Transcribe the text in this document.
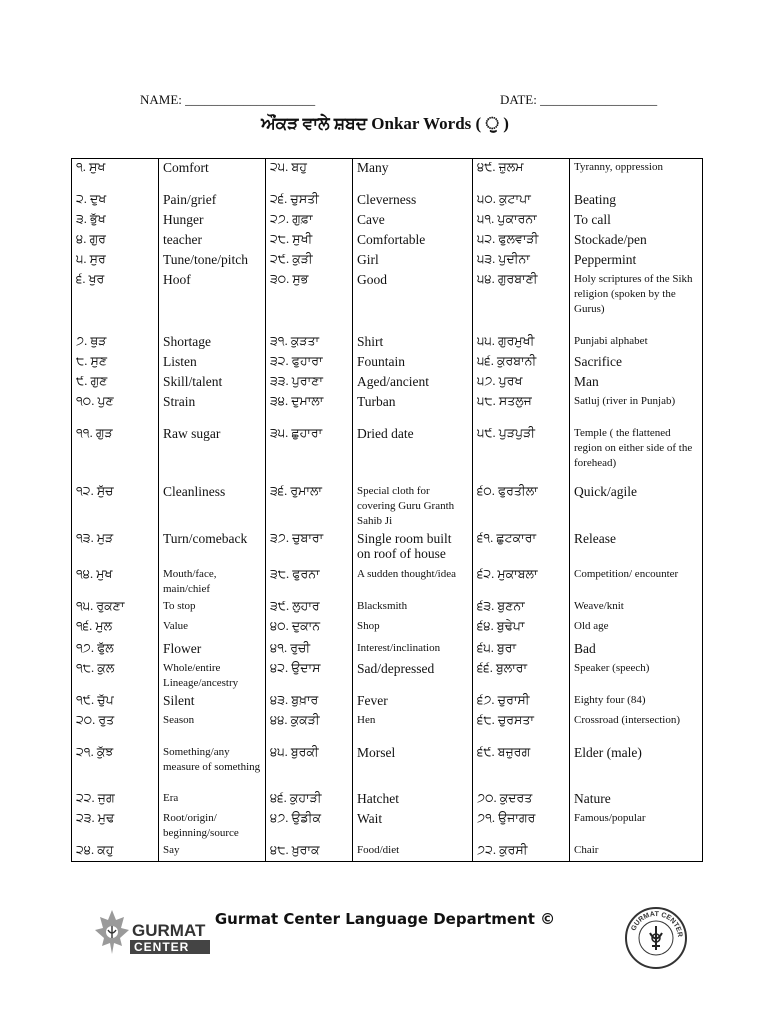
NAME: ____________________	DATE: __________________
ਔਂਕੜ ਵਾਲੇ ਸ਼ਬਦ Onkar Words ( ੁ )
੧. ਸੁਖ	Comfort	੨੫. ਬਹੁ	Many	੪੯. ਜ਼ੁਲਮ	Tyranny, oppression
੨. ਦੁਖ	Pain/grief	੨੬. ਚੁਸਤੀ	Cleverness	੫੦. ਕੁਟਾਪਾ	Beating
੩. ਭੁੱਖ	Hunger	੨੭. ਗੁਫ਼ਾ	Cave	੫੧. ਪੁਕਾਰਨਾ	To call
੪. ਗੁਰ	teacher	੨੮. ਸੁਖੀ	Comfortable	੫੨. ਫੁਲਵਾੜੀ	Stockade/pen
੫. ਸੁਰ	Tune/tone/pitch	੨੯. ਕੁੜੀ	Girl	੫੩. ਪੁਦੀਨਾ	Peppermint
੬. ਖੁਰ	Hoof	੩੦. ਸੁਭ	Good	੫੪. ਗੁਰਬਾਣੀ	Holy scriptures of the Sikh religion (spoken by the Gurus)
੭. ਥੁੜ	Shortage	੩੧. ਕੁੜਤਾ	Shirt	੫੫. ਗੁਰਮੁਖੀ	Punjabi alphabet
੮. ਸੁਣ	Listen	੩੨. ਫੁਹਾਰਾ	Fountain	੫੬. ਕੁਰਬਾਨੀ	Sacrifice
੯. ਗੁਣ	Skill/talent	੩੩. ਪੁਰਾਣਾ	Aged/ancient	੫੭. ਪੁਰਖ	Man
੧੦. ਪੁਣ	Strain	੩੪. ਦੁਮਾਲਾ	Turban	੫੮. ਸਤਲੁਜ	Satluj (river in Punjab)
੧੧. ਗੁੜ	Raw sugar	੩੫. ਛੁਹਾਰਾ	Dried date	੫੯. ਪੁੜਪੁੜੀ	Temple ( the flattened region on either side of the forehead)
੧੨. ਸੁੱਚ	Cleanliness	੩੬. ਰੁਮਾਲਾ	Special cloth for covering Guru Granth Sahib Ji	੬੦. ਫੁਰਤੀਲਾ	Quick/agile
੧੩. ਮੁੜ	Turn/comeback	੩੭. ਚੁਬਾਰਾ	Single room built on roof of house	੬੧. ਛੁਟਕਾਰਾ	Release
੧੪. ਮੁਖ	Mouth/face, main/chief	੩੮. ਫੁਰਨਾ	A sudden thought/idea	੬੨. ਮੁਕਾਬਲਾ	Competition/ encounter
੧੫. ਰੁਕਣਾ	To stop	੩੯. ਲੁਹਾਰ	Blacksmith	੬੩. ਬੁਣਨਾ	Weave/knit
੧੬. ਮੁਲ	Value	੪੦. ਦੁਕਾਨ	Shop	੬੪. ਬੁਢੇਪਾ	Old age
੧੭. ਫੁੱਲ	Flower	੪੧. ਰੁਚੀ	Interest/inclination	੬੫. ਬੁਰਾ	Bad
੧੮. ਕੁਲ	Whole/entire Lineage/ancestry	੪੨. ਉਦਾਸ	Sad/depressed	੬੬. ਬੁਲਾਰਾ	Speaker (speech)
੧੯. ਚੁੱਪ	Silent	੪੩. ਬੁਖ਼ਾਰ	Fever	੬੭. ਚੁਰਾਸੀ	Eighty four (84)
੨੦. ਰੁਤ	Season	੪੪. ਕੁਕੜੀ	Hen	੬੮. ਚੁਰਸਤਾ	Crossroad (intersection)
੨੧. ਕੁੱਝ	Something/any measure of something	੪੫. ਬੁਰਕੀ	Morsel	੬੯. ਬਜ਼ੁਰਗ	Elder (male)
੨੨. ਜੁਗ	Era	੪੬. ਕੁਹਾੜੀ	Hatchet	੭੦. ਕੁਦਰਤ	Nature
੨੩. ਮੁਢ	Root/origin/ beginning/source	੪੭. ਉਡੀਕ	Wait	੭੧. ਉਜਾਗਰ	Famous/popular
੨੪. ਕਹੁ	Say	੪੮. ਖ਼ੁਰਾਕ	Food/diet	੭੨. ਕੁਰਸੀ	Chair
GURMAT
CENTER
Gurmat Center Language Department ©
GURMAT CENTER
